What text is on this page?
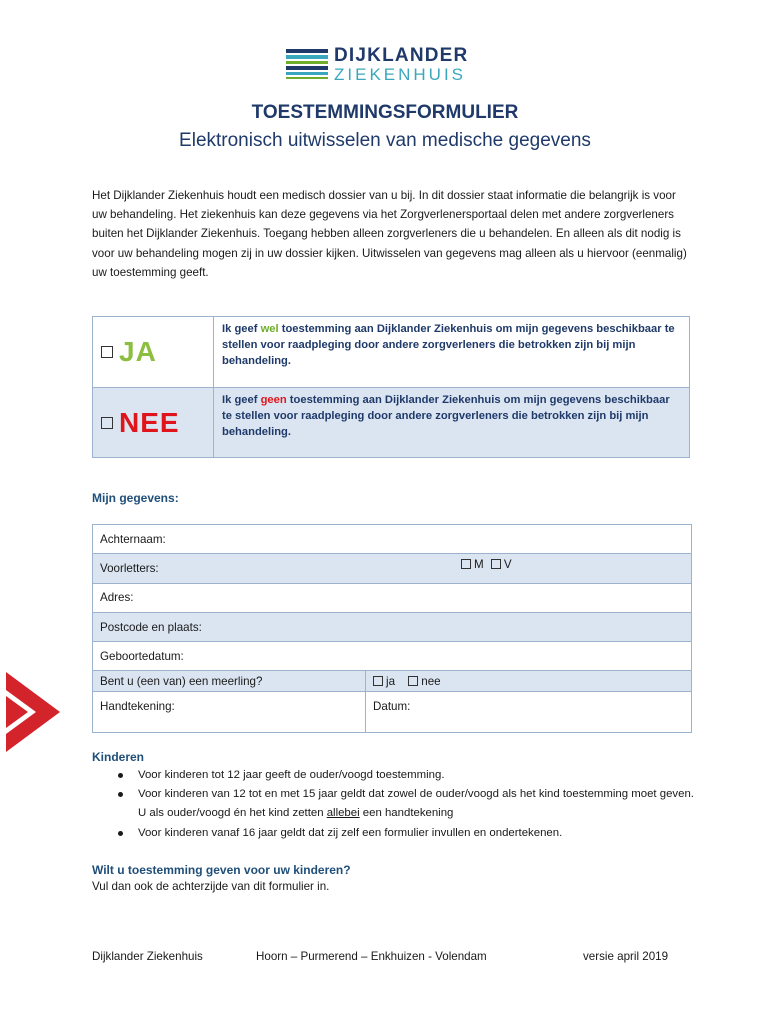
DIJKLANDER
ZIEKENHUIS
TOESTEMMINGSFORMULIER
Elektronisch uitwisselen van medische gegevens

Het Dijklander Ziekenhuis houdt een medisch dossier van u bij. In dit dossier staat informatie die belangrijk is voor uw behandeling. Het ziekenhuis kan deze gegevens via het Zorgverlenersportaal delen met andere zorgverleners buiten het Dijklander Ziekenhuis. Toegang hebben alleen zorgverleners die u behandelen. En alleen als dit nodig is voor uw behandeling mogen zij in uw dossier kijken. Uitwisselen van gegevens mag alleen als u hiervoor (eenmalig) uw toestemming geeft.

JA
Ik geef wel toestemming aan Dijklander Ziekenhuis om mijn gegevens beschikbaar te stellen voor raadpleging door andere zorgverleners die betrokken zijn bij mijn behandeling.
NEE
Ik geef geen toestemming aan Dijklander Ziekenhuis om mijn gegevens beschikbaar te stellen voor raadpleging door andere zorgverleners die betrokken zijn bij mijn behandeling.
Mijn gegevens:
Achternaam:
Voorletters:	M V
Adres:
Postcode en plaats:
Geboortedatum:
Bent u (een van) een meerling?	ja nee
Handtekening:	Datum:
Kinderen
Voor kinderen tot 12 jaar geeft de ouder/voogd toestemming.
Voor kinderen van 12 tot en met 15 jaar geldt dat zowel de ouder/voogd als het kind toestemming moet geven. U als ouder/voogd én het kind zetten allebei een handtekening
Voor kinderen vanaf 16 jaar geldt dat zij zelf een formulier invullen en ondertekenen.
Wilt u toestemming geven voor uw kinderen?
Vul dan ook de achterzijde van dit formulier in.
Dijklander Ziekenhuis	Hoorn – Purmerend – Enkhuizen - Volendam	versie april 2019
